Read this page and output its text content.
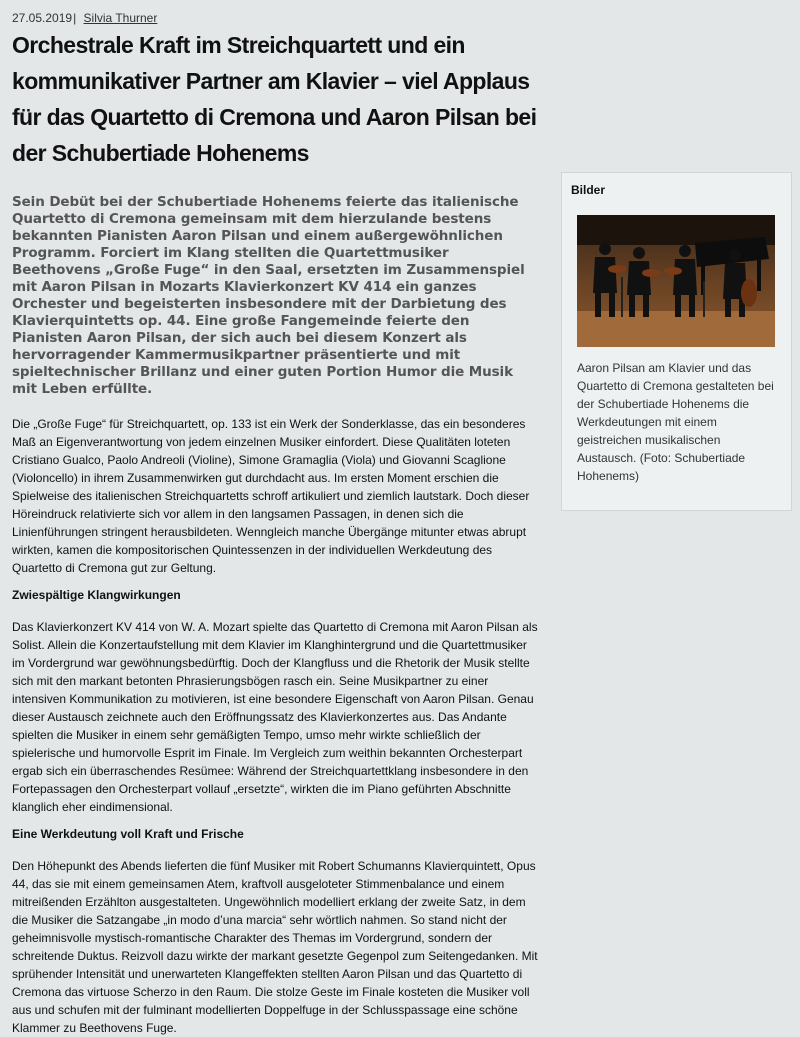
27.05.2019| Silvia Thurner
Orchestrale Kraft im Streichquartett und ein kommunikativer Partner am Klavier – viel Applaus für das Quartetto di Cremona und Aaron Pilsan bei der Schubertiade Hohenems

Sein Debüt bei der Schubertiade Hohenems feierte das italienische Quartetto di Cremona gemeinsam mit dem hierzulande bestens bekannten Pianisten Aaron Pilsan und einem außergewöhnlichen Programm. Forciert im Klang stellten die Quartettmusiker Beethovens „Große Fuge“ in den Saal, ersetzten im Zusammenspiel mit Aaron Pilsan in Mozarts Klavierkonzert KV 414 ein ganzes Orchester und begeisterten insbesondere mit der Darbietung des Klavierquintetts op. 44. Eine große Fangemeinde feierte den Pianisten Aaron Pilsan, der sich auch bei diesem Konzert als hervorragender Kammermusikpartner präsentierte und mit spieltechnischer Brillanz und einer guten Portion Humor die Musik mit Leben erfüllte.

Die „Große Fuge“ für Streichquartett, op. 133 ist ein Werk der Sonderklasse, das ein besonderes Maß an Eigenverantwortung von jedem einzelnen Musiker einfordert. Diese Qualitäten loteten Cristiano Gualco, Paolo Andreoli (Violine), Simone Gramaglia (Viola) und Giovanni Scaglione (Violoncello) in ihrem Zusammenwirken gut durchdacht aus. Im ersten Moment erschien die Spielweise des italienischen Streichquartetts schroff artikuliert und ziemlich lautstark. Doch dieser Höreindruck relativierte sich vor allem in den langsamen Passagen, in denen sich die Linienführungen stringent herausbildeten. Wenngleich manche Übergänge mitunter etwas abrupt wirkten, kamen die kompositorischen Quintessenzen in der individuellen Werkdeutung des Quartetto di Cremona gut zur Geltung.

Zwiespältige Klangwirkungen

Das Klavierkonzert KV 414 von W. A. Mozart spielte das Quartetto di Cremona mit Aaron Pilsan als Solist. Allein die Konzertaufstellung mit dem Klavier im Klanghintergrund und die Quartettmusiker im Vordergrund war gewöhnungsbedürftig. Doch der Klangfluss und die Rhetorik der Musik stellte sich mit den markant betonten Phrasierungsbögen rasch ein. Seine Musikpartner zu einer intensiven Kommunikation zu motivieren, ist eine besondere Eigenschaft von Aaron Pilsan. Genau dieser Austausch zeichnete auch den Eröffnungssatz des Klavierkonzertes aus. Das Andante spielten die Musiker in einem sehr gemäßigten Tempo, umso mehr wirkte schließlich der spielerische und humorvolle Esprit im Finale. Im Vergleich zum weithin bekannten Orchesterpart ergab sich ein überraschendes Resümee: Während der Streichquartettklang insbesondere in den Fortepassagen den Orchesterpart vollauf „ersetzte“, wirkten die im Piano geführten Abschnitte klanglich eher eindimensional.

Eine Werkdeutung voll Kraft und Frische

Den Höhepunkt des Abends lieferten die fünf Musiker mit Robert Schumanns Klavierquintett, Opus 44, das sie mit einem gemeinsamen Atem, kraftvoll ausgeloteter Stimmenbalance und einem mitreißenden Erzählton ausgestalteten. Ungewöhnlich modelliert erklang der zweite Satz, in dem die Musiker die Satzangabe „in modo d’una marcia“ sehr wörtlich nahmen. So stand nicht der geheimnisvolle mystisch-romantische Charakter des Themas im Vordergrund, sondern der schreitende Duktus. Reizvoll dazu wirkte der markant gesetzte Gegenpol zum Seitengedanken. Mit sprühender Intensität und unerwarteten Klangeffekten stellten Aaron Pilsan und das Quartetto di Cremona das virtuose Scherzo in den Raum. Die stolze Geste im Finale kosteten die Musiker voll aus und schufen mit der fulminant modellierten Doppelfuge in der Schlusspassage eine schöne Klammer zu Beethovens Fuge.

Bilder
Aaron Pilsan am Klavier und das Quartetto di Cremona gestalteten bei der Schubertiade Hohenems die Werkdeutungen mit einem geistreichen musikalischen Austausch. (Foto: Schubertiade Hohenems)
